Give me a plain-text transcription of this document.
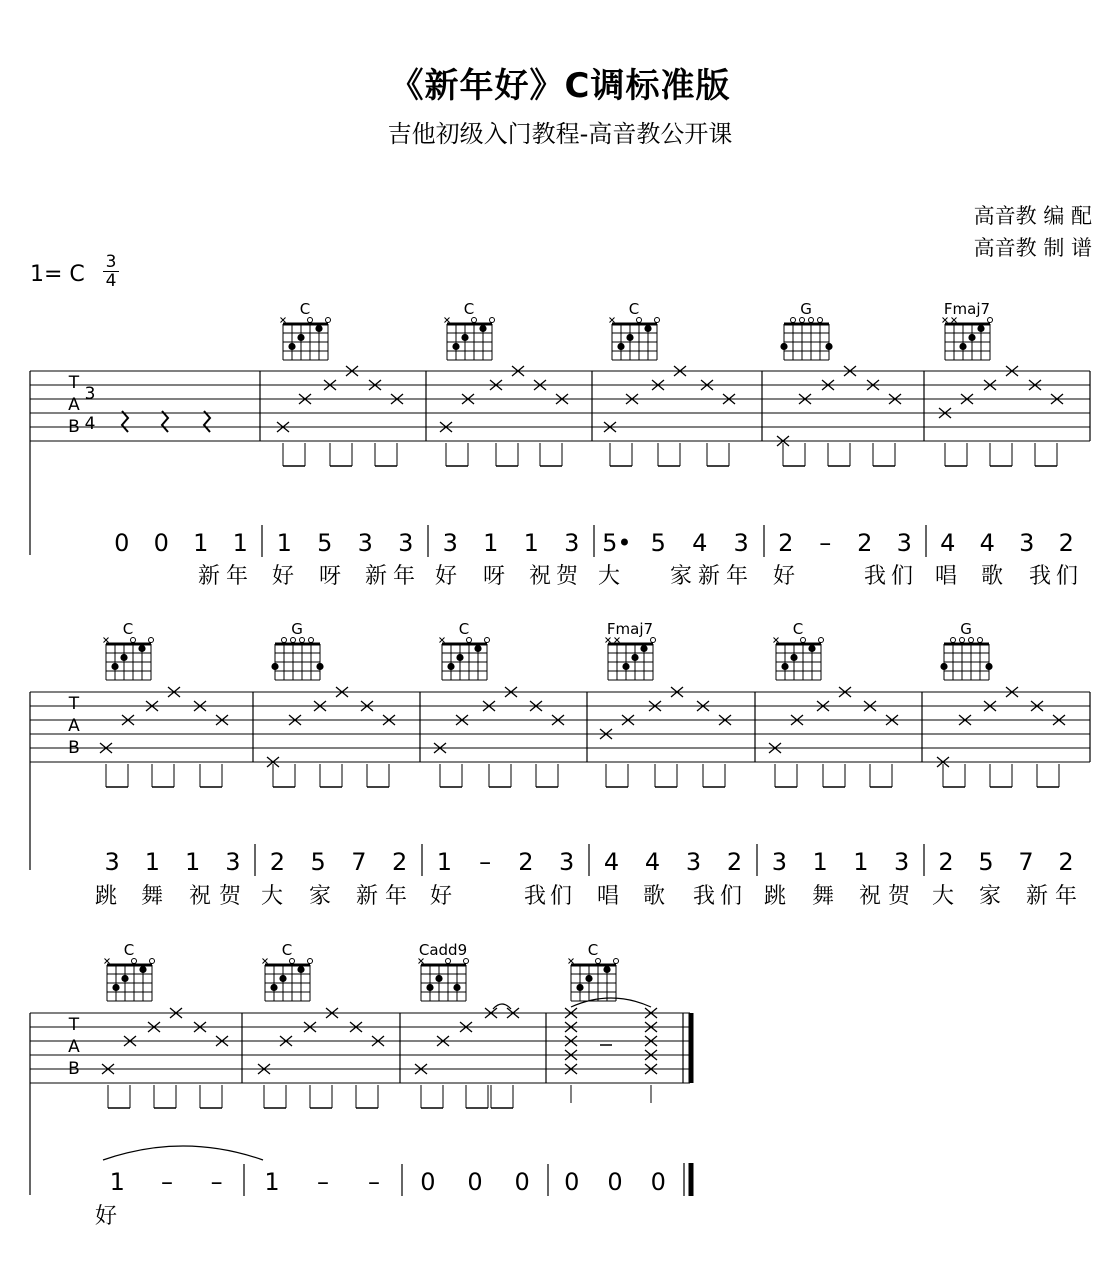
《新年好》C调标准版
吉他初级入门教程-高音教公开课
高音教 编 配
高音教 制 谱
1= C 3
4
T
A
B
3
4
C	C	C	G	Fmaj7
0 0 1 1 1 5 3 3 3 1 1 3 5• 5 4 3 2 – 2 3 4 4 3 2
T
A
B
C	G	C	Fmaj7	C	G
3 1 1 3 2 5 7 2 1 – 2 3 4 4 3 2 3 1 1 3 2 5 7 2
T
A
B
C	C	Cadd9	C
1 – – 1 – – 0 0 0 0 0 0
新 年	好	呀	新 年 好	呀	祝 贺 大	家 新 年	好	我 们 唱	歌	我 们
跳	舞	祝 贺 大	家	新 年	好	我 们	唱	歌	我 们 跳	舞	祝 贺 大	家	新 年
好
